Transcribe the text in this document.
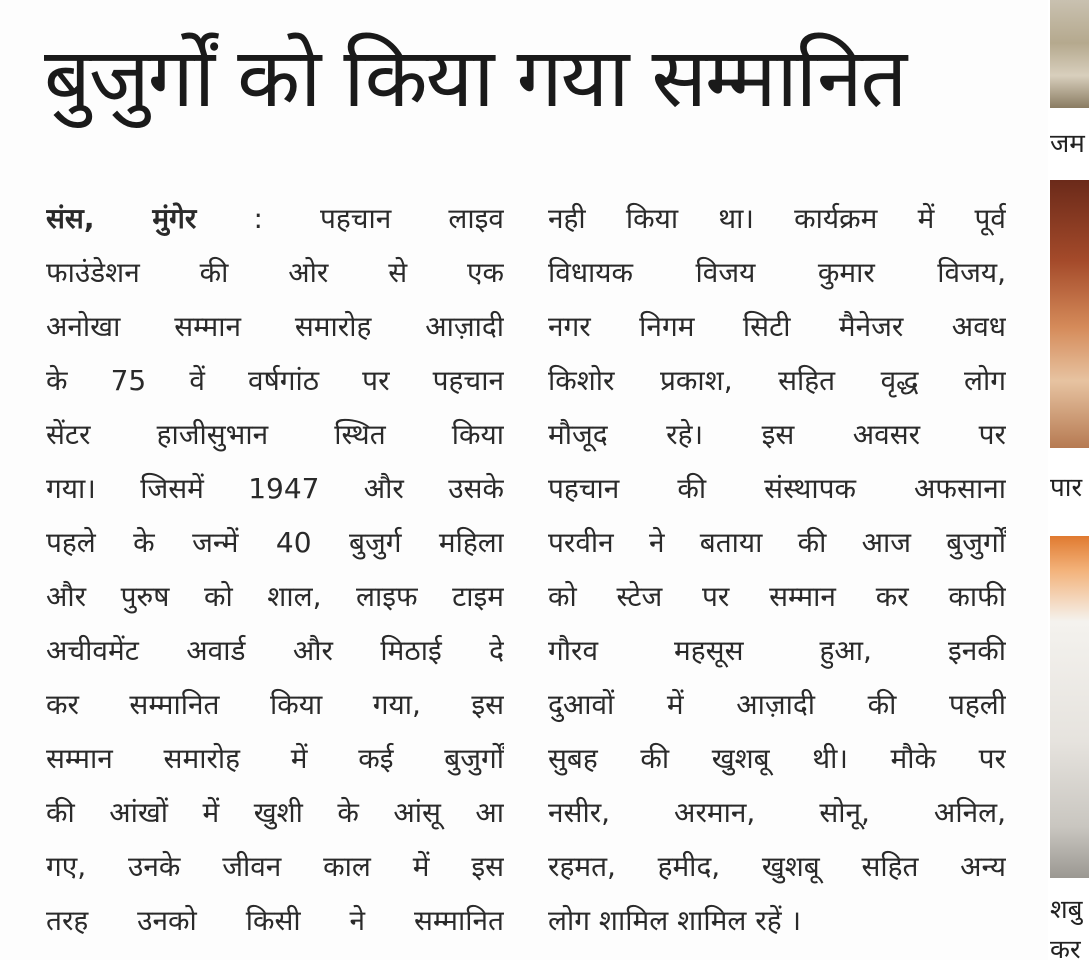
बुजुर्गों को किया गया सम्मानित
संस, मुंगेर : पहचान लाइव
फाउंडेशन की ओर से एक
अनोखा सम्मान समारोह आज़ादी
के 75 वें वर्षगांठ पर पहचान
सेंटर हाजीसुभान स्थित किया
गया। जिसमें 1947 और उसके
पहले के जन्में 40 बुजुर्ग महिला
और पुरुष को शाल, लाइफ टाइम
अचीवमेंट अवार्ड और मिठाई दे
कर सम्मानित किया गया, इस
सम्मान समारोह में कई बुजुर्गों
की आंखों में खुशी के आंसू आ
गए, उनके जीवन काल में इस
तरह उनको किसी ने सम्मानित
नही किया था। कार्यक्रम में पूर्व
विधायक विजय कुमार विजय,
नगर निगम सिटी मैनेजर अवध
किशोर प्रकाश, सहित वृद्ध लोग
मौजूद रहे। इस अवसर पर
पहचान की संस्थापक अफसाना
परवीन ने बताया की आज बुजुर्गों
को स्टेज पर सम्मान कर काफी
गौरव महसूस हुआ, इनकी
दुआवों में आज़ादी की पहली
सुबह की खुशबू थी। मौके पर
नसीर, अरमान, सोनू, अनिल,
रहमत, हमीद, खुशबू सहित अन्य
लोग शामिल शामिल रहें ।
जम
पार
शबु
कर
